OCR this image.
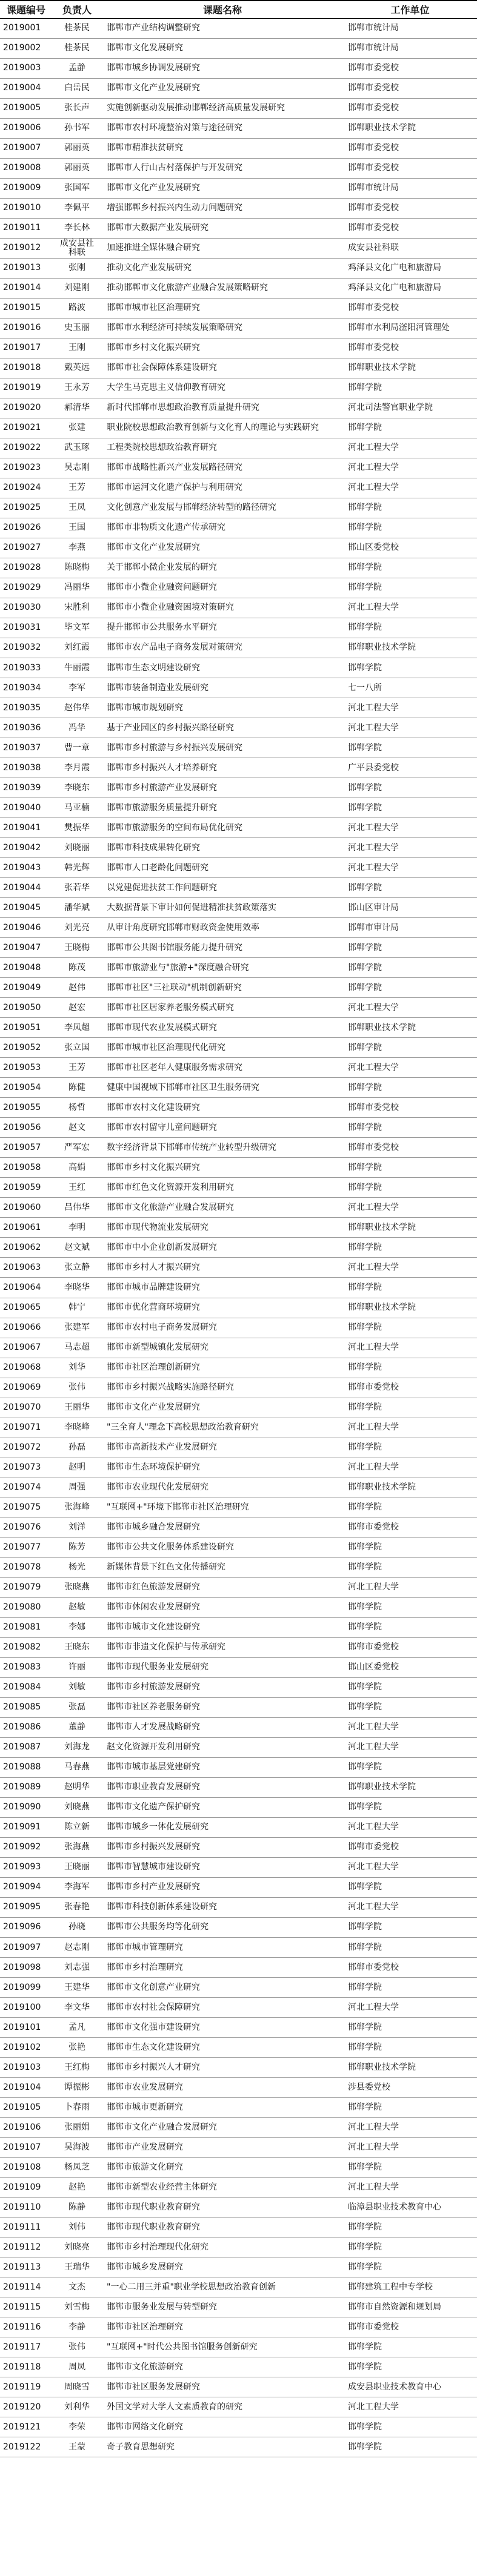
课题编号	负责人	课题名称	工作单位
2019001	桂茶民	邯郸市产业结构调整研究	邯郸市统计局
2019002	桂茶民	邯郸市文化发展研究	邯郸市统计局
2019003	孟静	邯郸市城乡协调发展研究	邯郸市委党校
2019004	白岳民	邯郸市文化产业发展研究	邯郸市委党校
2019005	张长声	实施创新驱动发展推动邯郸经济高质量发展研究	邯郸市委党校
2019006	孙书军	邯郸市农村环境整治对策与途径研究	邯郸职业技术学院
2019007	郭丽英	邯郸市精准扶贫研究	邯郸市委党校
2019008	郭丽英	邯郸市人行山古村落保护与开发研究	邯郸市委党校
2019009	张国军	邯郸市文化产业发展研究	邯郸市统计局
2019010	李佩平	增强邯郸乡村振兴内生动力问题研究	邯郸市委党校
2019011	李长林	邯郸市大数据产业发展研究	邯郸市委党校
2019012	成安县社科联	加速推进全媒体融合研究	成安县社科联
2019013	张刚	推动文化产业发展研究	鸡泽县文化广电和旅游局
2019014	刘建刚	推动邯郸市文化旅游产业融合发展策略研究	鸡泽县文化广电和旅游局
2019015	路波	邯郸市城市社区治理研究	邯郸市委党校
2019016	史玉丽	邯郸市水利经济可持续发展策略研究	邯郸市水利局滏阳河管理处
2019017	王刚	邯郸市乡村文化振兴研究	邯郸市委党校
2019018	戴英远	邯郸市社会保障体系建设研究	邯郸职业技术学院
2019019	王永芳	大学生马克思主义信仰教育研究	邯郸学院
2019020	郝清华	新时代邯郸市思想政治教育质量提升研究	河北司法警官职业学院
2019021	张建	职业院校思想政治教育创新与文化育人的理论与实践研究	邯郸学院
2019022	武玉琢	工程类院校思想政治教育研究	河北工程大学
2019023	吴志刚	邯郸市战略性新兴产业发展路径研究	河北工程大学
2019024	王芳	邯郸市运河文化遗产保护与利用研究	河北工程大学
2019025	王凤	文化创意产业发展与邯郸经济转型的路径研究	邯郸学院
2019026	王国	邯郸市非物质文化遗产传承研究	邯郸学院
2019027	李燕	邯郸市文化产业发展研究	邯山区委党校
2019028	陈晓梅	关于邯郸小微企业发展的研究	邯郸学院
2019029	冯丽华	邯郸市小微企业融资问题研究	邯郸学院
2019030	宋胜利	邯郸市小微企业融资困境对策研究	河北工程大学
2019031	毕文军	提升邯郸市公共服务水平研究	邯郸学院
2019032	刘红霞	邯郸市农产品电子商务发展对策研究	邯郸职业技术学院
2019033	牛丽霞	邯郸市生态文明建设研究	邯郸学院
2019034	李军	邯郸市装备制造业发展研究	七一八所
2019035	赵伟华	邯郸市城市规划研究	河北工程大学
2019036	冯华	基于产业园区的乡村振兴路径研究	河北工程大学
2019037	曹一章	邯郸市乡村旅游与乡村振兴发展研究	邯郸学院
2019038	李月霞	邯郸市乡村振兴人才培养研究	广平县委党校
2019039	李晓东	邯郸市乡村旅游产业发展研究	邯郸学院
2019040	马亚楠	邯郸市旅游服务质量提升研究	邯郸学院
2019041	樊振华	邯郸市旅游服务的空间布局优化研究	河北工程大学
2019042	刘晓丽	邯郸市科技成果转化研究	河北工程大学
2019043	韩光辉	邯郸市人口老龄化问题研究	河北工程大学
2019044	张若华	以党建促进扶贫工作问题研究	邯郸学院
2019045	潘华斌	大数据背景下审计如何促进精准扶贫政策落实	邯山区审计局
2019046	刘光亮	从审计角度研究邯郸市财政资金使用效率	邯郸市审计局
2019047	王晓梅	邯郸市公共图书馆服务能力提升研究	邯郸学院
2019048	陈茂	邯郸市旅游业与"旅游+"深度融合研究	邯郸学院
2019049	赵伟	邯郸市社区"三社联动"机制创新研究	邯郸学院
2019050	赵宏	邯郸市社区居家养老服务模式研究	河北工程大学
2019051	李凤超	邯郸市现代农业发展模式研究	邯郸职业技术学院
2019052	张立国	邯郸市城市社区治理现代化研究	邯郸学院
2019053	王芳	邯郸市社区老年人健康服务需求研究	河北工程大学
2019054	陈健	健康中国视域下邯郸市社区卫生服务研究	邯郸学院
2019055	杨哲	邯郸市农村文化建设研究	邯郸市委党校
2019056	赵文	邯郸市农村留守儿童问题研究	邯郸学院
2019057	严军宏	数字经济背景下邯郸市传统产业转型升级研究	邯郸市委党校
2019058	高娟	邯郸市乡村文化振兴研究	邯郸学院
2019059	王红	邯郸市红色文化资源开发利用研究	邯郸学院
2019060	吕伟华	邯郸市文化旅游产业融合发展研究	河北工程大学
2019061	李明	邯郸市现代物流业发展研究	邯郸职业技术学院
2019062	赵文斌	邯郸市中小企业创新发展研究	邯郸学院
2019063	张立静	邯郸市乡村人才振兴研究	河北工程大学
2019064	李晓华	邯郸市城市品牌建设研究	邯郸学院
2019065	韩宁	邯郸市优化营商环境研究	邯郸职业技术学院
2019066	张建军	邯郸市农村电子商务发展研究	邯郸学院
2019067	马志超	邯郸市新型城镇化发展研究	河北工程大学
2019068	刘华	邯郸市社区治理创新研究	邯郸学院
2019069	张伟	邯郸市乡村振兴战略实施路径研究	邯郸市委党校
2019070	王丽华	邯郸市文化产业发展研究	邯郸学院
2019071	李晓峰	"三全育人"理念下高校思想政治教育研究	河北工程大学
2019072	孙磊	邯郸市高新技术产业发展研究	邯郸学院
2019073	赵明	邯郸市生态环境保护研究	河北工程大学
2019074	周强	邯郸市农业现代化发展研究	邯郸职业技术学院
2019075	张海峰	"互联网+"环境下邯郸市社区治理研究	邯郸学院
2019076	刘洋	邯郸市城乡融合发展研究	邯郸市委党校
2019077	陈芳	邯郸市公共文化服务体系建设研究	邯郸学院
2019078	杨光	新媒体背景下红色文化传播研究	邯郸学院
2019079	张晓燕	邯郸市红色旅游发展研究	河北工程大学
2019080	赵敏	邯郸市休闲农业发展研究	邯郸学院
2019081	李娜	邯郸市城市文化建设研究	邯郸学院
2019082	王晓东	邯郸市非遗文化保护与传承研究	邯郸市委党校
2019083	许丽	邯郸市现代服务业发展研究	邯山区委党校
2019084	刘敏	邯郸市乡村旅游发展研究	邯郸学院
2019085	张磊	邯郸市社区养老服务研究	邯郸学院
2019086	董静	邯郸市人才发展战略研究	河北工程大学
2019087	刘海龙	赵文化资源开发利用研究	河北工程大学
2019088	马春燕	邯郸市城市基层党建研究	邯郸学院
2019089	赵明华	邯郸市职业教育发展研究	邯郸职业技术学院
2019090	刘晓燕	邯郸市文化遗产保护研究	邯郸学院
2019091	陈立新	邯郸市城乡一体化发展研究	河北工程大学
2019092	张海燕	邯郸市乡村振兴发展研究	邯郸市委党校
2019093	王晓丽	邯郸市智慧城市建设研究	河北工程大学
2019094	李海军	邯郸市乡村产业发展研究	邯郸学院
2019095	张春艳	邯郸市科技创新体系建设研究	河北工程大学
2019096	孙晓	邯郸市公共服务均等化研究	邯郸学院
2019097	赵志刚	邯郸市城市管理研究	邯郸学院
2019098	刘志强	邯郸市乡村治理研究	邯郸市委党校
2019099	王建华	邯郸市文化创意产业研究	邯郸学院
2019100	李文华	邯郸市农村社会保障研究	河北工程大学
2019101	孟凡	邯郸市文化强市建设研究	邯郸学院
2019102	张艳	邯郸市生态文化建设研究	邯郸学院
2019103	王红梅	邯郸市乡村振兴人才研究	邯郸职业技术学院
2019104	谭振彬	邯郸市农业发展研究	涉县委党校
2019105	卜春雨	邯郸市城市更新研究	邯郸学院
2019106	张丽娟	邯郸市文化产业融合发展研究	河北工程大学
2019107	吴海波	邯郸市产业发展研究	河北工程大学
2019108	杨凤芝	邯郸市旅游文化研究	邯郸学院
2019109	赵艳	邯郸市新型农业经营主体研究	河北工程大学
2019110	陈静	邯郸市现代职业教育研究	临漳县职业技术教育中心
2019111	刘伟	邯郸市现代职业教育研究	邯郸学院
2019112	刘晓亮	邯郸市乡村治理现代化研究	邯郸学院
2019113	王瑞华	邯郸市城乡发展研究	邯郸学院
2019114	文杰	"一心二用三并重"职业学校思想政治教育创新	邯郸建筑工程中专学校
2019115	刘雪梅	邯郸市服务业发展与转型研究	邯郸市自然资源和规划局
2019116	李静	邯郸市社区治理研究	邯郸市委党校
2019117	张伟	"互联网+"时代公共图书馆服务创新研究	邯郸学院
2019118	周凤	邯郸市文化旅游研究	邯郸学院
2019119	周晓雪	邯郸市社区服务发展研究	成安县职业技术教育中心
2019120	刘利华	外国文学对大学人文素质教育的研究	河北工程大学
2019121	李荣	邯郸市网络文化研究	邯郸学院
2019122	王蒙	奇子教育思想研究	邯郸学院
